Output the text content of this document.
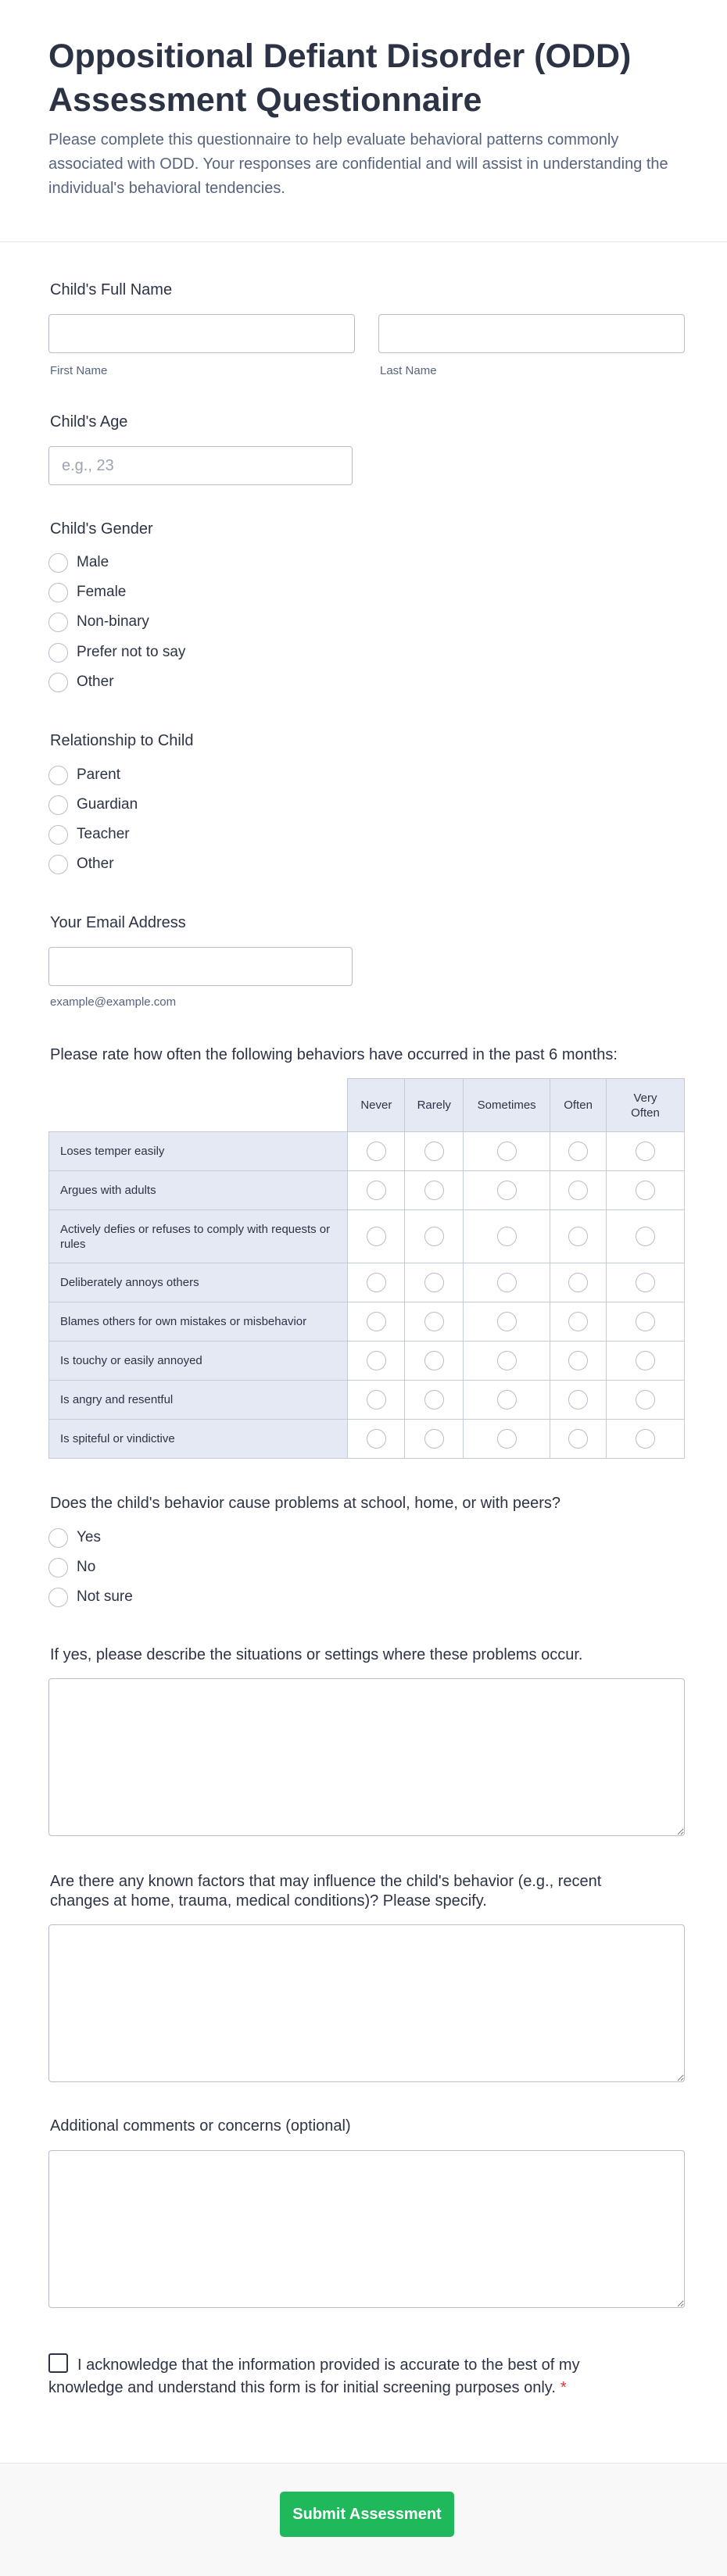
Oppositional Defiant Disorder (ODD) Assessment Questionnaire

Please complete this questionnaire to help evaluate behavioral patterns commonly associated with ODD. Your responses are confidential and will assist in understanding the individual's behavioral tendencies.

Child's Full Name
First Name	Last Name
Child's Age
e.g., 23
Child's Gender
Male
Female
Non-binary
Prefer not to say
Other
Relationship to Child
Parent
Guardian
Teacher
Other
Your Email Address
example@example.com
Please rate how often the following behaviors have occurred in the past 6 months:
	Never	Rarely	Sometimes	Often	Very Often
Loses temper easily					
Argues with adults					
Actively defies or refuses to comply with requests or rules					
Deliberately annoys others					
Blames others for own mistakes or misbehavior					
Is touchy or easily annoyed					
Is angry and resentful					
Is spiteful or vindictive					
Does the child's behavior cause problems at school, home, or with peers?
Yes
No
Not sure
If yes, please describe the situations or settings where these problems occur.
Are there any known factors that may influence the child's behavior (e.g., recent changes at home, trauma, medical conditions)? Please specify.
Additional comments or concerns (optional)
I acknowledge that the information provided is accurate to the best of my knowledge and understand this form is for initial screening purposes only. *
Submit Assessment
